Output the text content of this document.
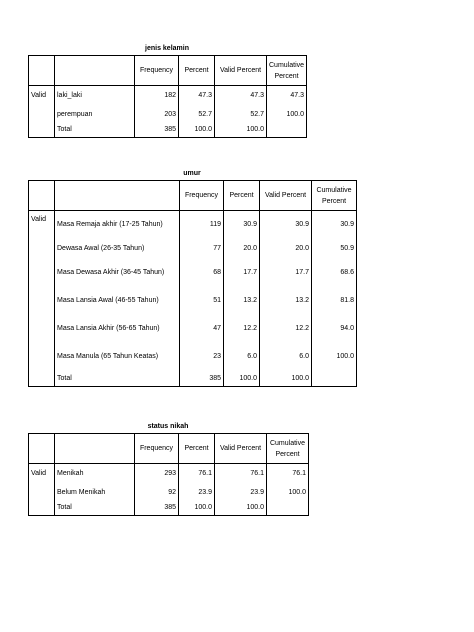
jenis kelamin
		Frequency	Percent	Valid Percent	Cumulative Percent
Valid	laki_laki	182	47.3	47.3	47.3
	perempuan	203	52.7	52.7	100.0
	Total	385	100.0	100.0	
umur
		Frequency	Percent	Valid Percent	Cumulative Percent
Valid	Masa Remaja akhir (17-25 Tahun)	119	30.9	30.9	30.9
	Dewasa Awal (26-35 Tahun)	77	20.0	20.0	50.9
	Masa Dewasa Akhir (36-45 Tahun)	68	17.7	17.7	68.6
	Masa Lansia Awal (46-55 Tahun)	51	13.2	13.2	81.8
	Masa Lansia Akhir (56-65 Tahun)	47	12.2	12.2	94.0
	Masa Manula (65 Tahun Keatas)	23	6.0	6.0	100.0
	Total	385	100.0	100.0	
status nikah
		Frequency	Percent	Valid Percent	Cumulative Percent
Valid	Menikah	293	76.1	76.1	76.1
	Belum Menikah	92	23.9	23.9	100.0
	Total	385	100.0	100.0	
